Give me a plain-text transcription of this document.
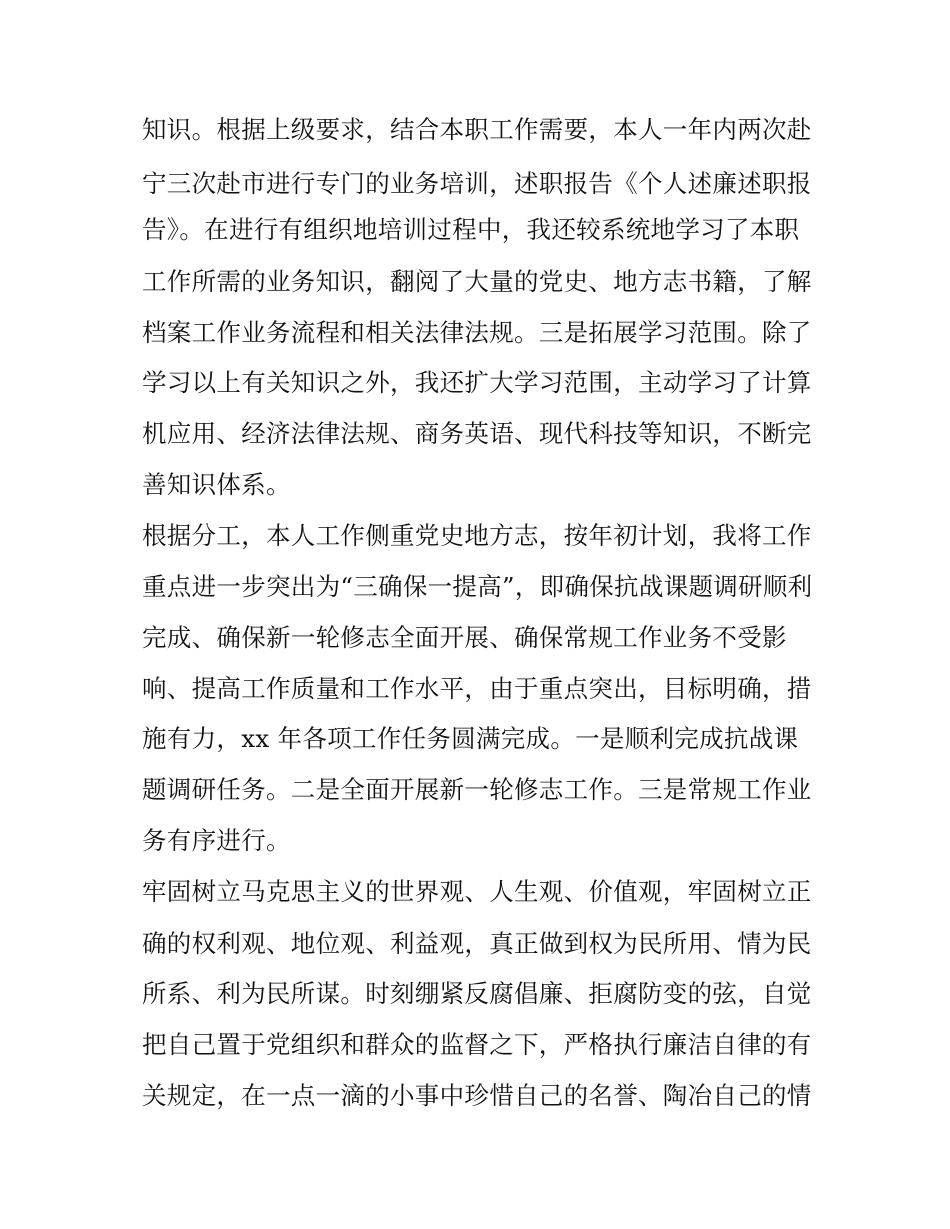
知识。根据上级要求，结合本职工作需要，本人一年内两次赴
宁三次赴市进行专门的业务培训，述职报告《个人述廉述职报
告》。在进行有组织地培训过程中，我还较系统地学习了本职
工作所需的业务知识，翻阅了大量的党史、地方志书籍，了解
档案工作业务流程和相关法律法规。三是拓展学习范围。除了
学习以上有关知识之外，我还扩大学习范围，主动学习了计算
机应用、经济法律法规、商务英语、现代科技等知识，不断完
善知识体系。
根据分工，本人工作侧重党史地方志，按年初计划，我将工作
重点进一步突出为“三确保一提高”，即确保抗战课题调研顺利
完成、确保新一轮修志全面开展、确保常规工作业务不受影
响、提高工作质量和工作水平，由于重点突出，目标明确，措
施有力，xx 年各项工作任务圆满完成。一是顺利完成抗战课
题调研任务。二是全面开展新一轮修志工作。三是常规工作业
务有序进行。
牢固树立马克思主义的世界观、人生观、价值观，牢固树立正
确的权利观、地位观、利益观，真正做到权为民所用、情为民
所系、利为民所谋。时刻绷紧反腐倡廉、拒腐防变的弦，自觉
把自己置于党组织和群众的监督之下，严格执行廉洁自律的有
关规定，在一点一滴的小事中珍惜自己的名誉、陶冶自己的情
